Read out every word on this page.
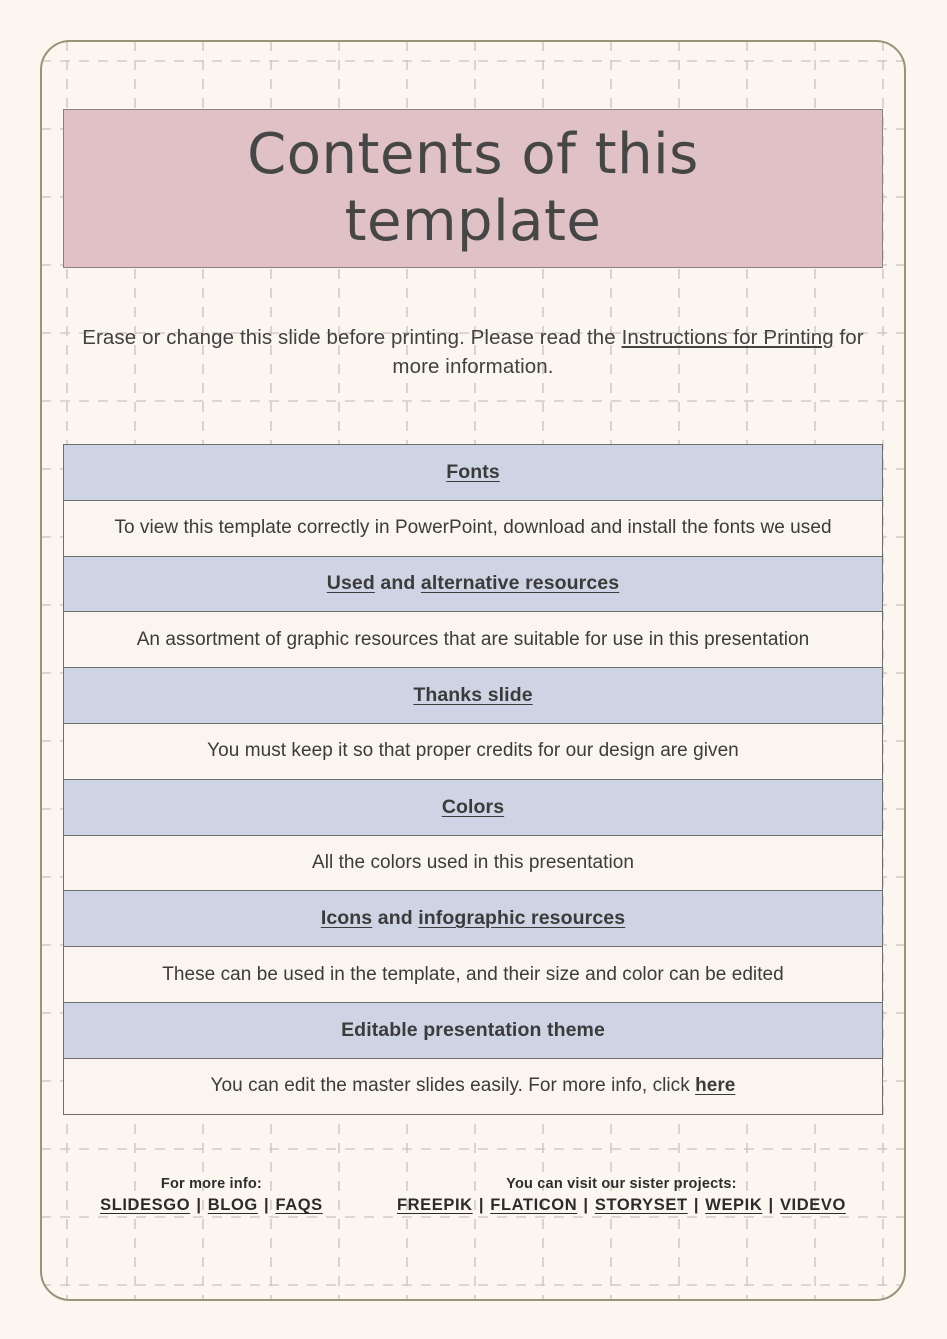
Contents of this template
Erase or change this slide before printing. Please read the Instructions for Printing for more information.
Fonts
To view this template correctly in PowerPoint, download and install the fonts we used
Used and alternative resources
An assortment of graphic resources that are suitable for use in this presentation
Thanks slide
You must keep it so that proper credits for our design are given
Colors
All the colors used in this presentation
Icons and infographic resources
These can be used in the template, and their size and color can be edited
Editable presentation theme
You can edit the master slides easily. For more info, click here
For more info:
SLIDESGO | BLOG | FAQS
You can visit our sister projects:
FREEPIK | FLATICON | STORYSET | WEPIK | VIDEVO
